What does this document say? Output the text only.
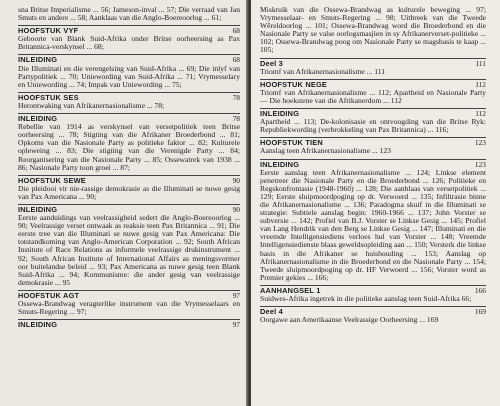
sna Britse Imperialisme ... 56; Jameson-inval ... 57; Die verraad van Jan Smuts en andere ... 58; Aanklaas van die Anglo-Boereoorlog ... 61;
HOOFSTUK VYF	68
Geboorte van Blank Suid-Afrika onder Britse oorheersing as Pax Britannica-verskynsel ... 68;
INLEIDING	68
Die Illuminati en die verengelsing van Suid-Afrika ... 69; Die inlyf van Partypolitiek ... 70; Uniewording van Suid-Afrika ... 71; Vrymesselary en Uniewording ... 74; Impak van Uniewording ... 75;
HOOFSTUK SES	78
Herontwaking van Afrikanernasionalisme ... 78;
INLEIDING	78
Rebellie van 1914 as verskynsel van versetpolitiek teen Britse oorheersing ... 78; Stigting van die Afrikaner Broederbond ... 81; Opkoms van die Nasionale Party as politieke faktor ... 82; Kulturele opleweing ... 83; Die stigting van die Verenigde Party ... 84; Reorganisering van die Nasionale Party ... 85; Ossewatrek van 1938 ... 86; Nasionale Party toon groei ... 87;
HOOFSTUK SEWE	90
Die pleidooi vir nie-rassige demokrasie as die Illuminati se nuwe gesig van Pax Americana ... 90;
INLEIDING	90
Eerste aanduidings van veelrassigheid sedert die Anglo-Boereoorlog ... 90; Veelrassige verset ontwaak as reaksie teen Pax Britannica ... 91; Die eerste tree van die Illuminati se nuwe gesig van Pax Americana: Die totstandkoming van Anglo-American Corporation ... 92; South African Institute of Race Relations as informele veelrassige drukinstrument ... 92; South African Institute of International Affairs as meningsvormer oor buitelandse beleid ... 93; Pax Americana as nuwe gesig teen Blank Suid-Afrika ... 94; Kommunisme: die ander gesig van veelrassige demokrasie ... 95
HOOFSTUK AGT	97
Ossewa-Brandwag veragterlike instrument van die Vrymesselaars en Smuts-Regering ... 97;
INLEIDING	97
Miskruik van die Ossewa-Brandwag as kulturele beweging ... 97; Vrymesselaar- en Smuts-Regering ... 98; Uitbreek van die Tweede Wêreldoorlog ... 101; Ossewa-Brandwag word die Broederbond en die Nasionale Party se valse oorlogsmasjien in sy Afrikanerverset-politieke ... 102; Ossewa-Brandwag poog om Nasionale Party se magsbasis te kaap ... 105;
Deel 3	111
Triomf van Afrikanernasionalisme ... 111
HOOFSTUK NEGE	112
Triomf van Afrikanernasionalisme ... 112; Apartheid en Nasionale Party — Die hoekstene van die Afrikanerdom ... 112
INLEIDING	112
Apartheid ... 113; De-kolonisasie en ontvoogding van die Britse Ryk: Republiekwording (verbrokkeling van Pax Britannica) ... 116;
HOOFSTUK TIEN	123
Aanslag teen Afrikanernasionalisme ... 123
INLEIDING	123
Eerste aanslag teen Afrikanernasionalisme ... 124; Linkse element penetreer die Nasionale Party en die Broederbond ... 126; Politieke en Regskonfrontasie (1948-1960) ... 128; Die aanblaas van versetpolitiek ... 129; Eerste sluipmoordpoging op dr. Verwoerd ... 135; Infiltrasie binne die Afrikanernasionalisme ... 136; Paradogma skuif in die Illuminati se strategie: Subtiele aanslag begin: 1960-1966 ... 137; John Vorster se subversie ... 142; Profiel van B.J. Vorster se Linkse Gesig ... 145; Profiel van Lang Hendrik van den Berg se Linkse Gesig ... 147; Illuminati en die vreemde Intelligensiediens verloes hul van Vorster ... 148; Vreemde Intelligensiedienste blaas geweldsopleiding aan ... 150; Versterk die linkse basis in die Afrikaner se huishouding ... 153; Aanslag op Afrikanernasionalisme in die Broederbond en die Nasionale Party ... 154; Tweede sluipmoordpoging op dr. HF Verwoerd ... 156; Vorster word as Premier gekies ... 166;
AANHANGSEL 1	166
Suidwes-Afrika ingetrek in die politieke aanslag teen Suid-Afrika 66;
Deel 4	169
Oorgawe aan Amerikaanse Veelrassige Oorheersing ... 169
